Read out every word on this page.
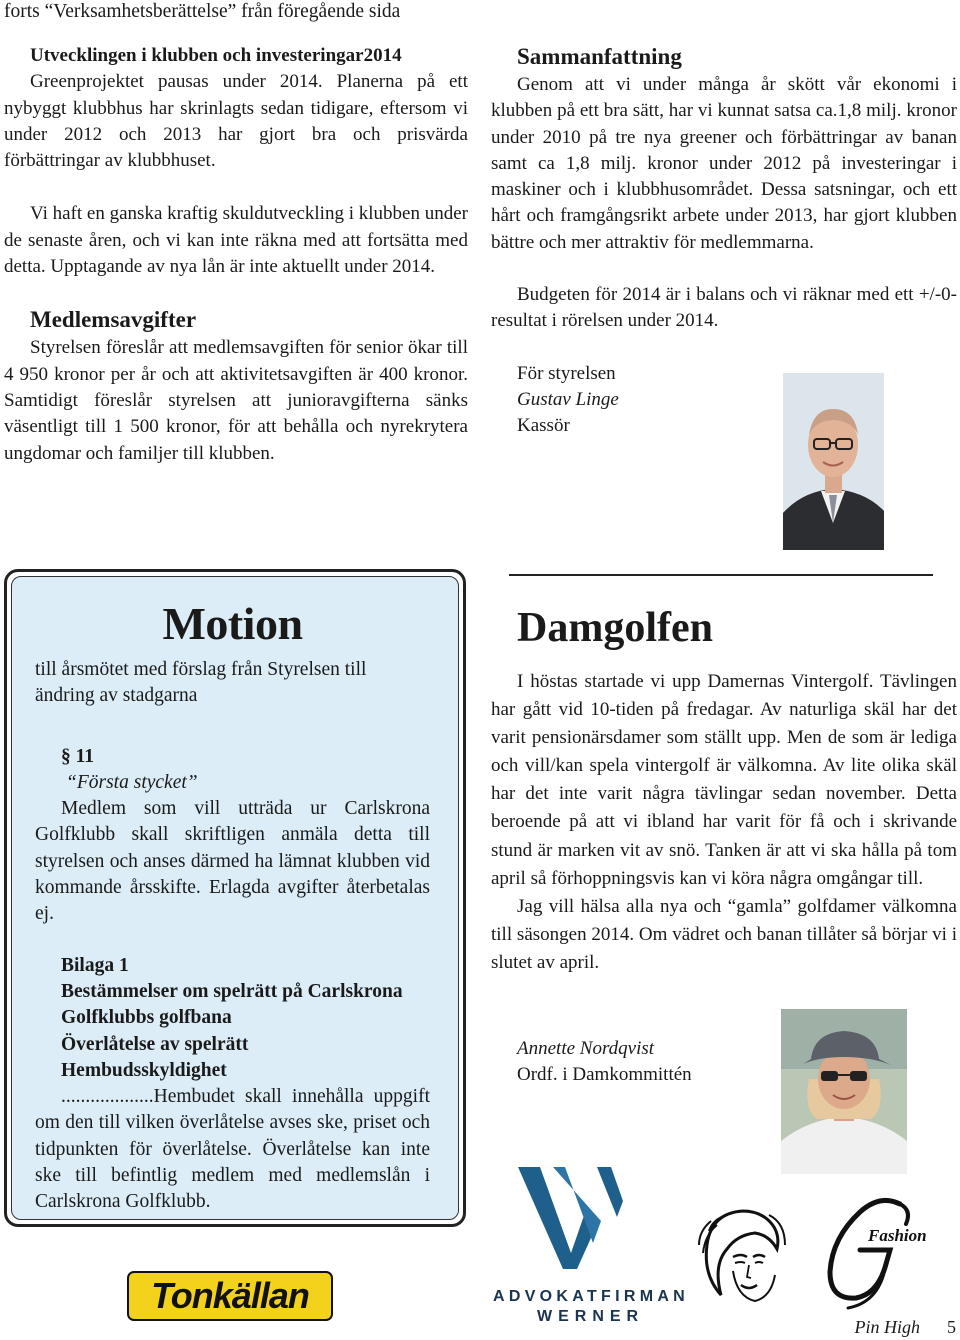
forts “Verksamhetsberättelse” från föregående sida

Utvecklingen i klubben och investeringar2014

Greenprojektet pausas under 2014. Planerna på ett nybyggt klubbhus har skrinlagts sedan tidigare, eftersom vi under 2012 och 2013 har gjort bra och prisvärda förbättringar av klubbhuset.

Vi haft en ganska kraftig skuldutveckling i klubben under de senaste åren, och vi kan inte räkna med att fortsätta med detta. Upptagande av nya lån är inte aktuellt under 2014.

Medlemsavgifter

Styrelsen föreslår att medlemsavgiften för senior ökar till 4 950 kronor per år och att aktivitetsavgiften är 400 kronor. Samtidigt föreslår styrelsen att junioravgifterna sänks väsentligt till 1 500 kronor, för att behålla och nyrekrytera ungdomar och familjer till klubben.

Sammanfattning

Genom att vi under många år skött vår ekonomi i klubben på ett bra sätt, har vi kunnat satsa ca.1,8 milj. kronor under 2010 på tre nya greener och förbättringar av banan samt ca 1,8 milj. kronor under 2012 på investeringar i maskiner och i klubbhusområdet. Dessa satsningar, och ett hårt och framgångsrikt arbete under 2013, har gjort klubben bättre och mer attraktiv för medlemmarna.

Budgeten för 2014 är i balans och vi räknar med ett +/-0-resultat i rörelsen under 2014.

För styrelsen

Gustav Linge

Kassör

Motion

till årsmötet med förslag från Styrelsen till ändring av stadgarna

§ 11

“Första stycket”

Medlem som vill utträda ur Carlskrona Golfklubb skall skriftligen anmäla detta till styrelsen och anses därmed ha lämnat klubben vid kommande årsskifte. Erlagda avgifter återbetalas ej.

Bilaga 1

Bestämmelser om spelrätt på Carlskrona Golfklubbs golfbana

Överlåtelse av spelrätt

Hembudsskyldighet

...................Hembudet skall innehålla uppgift om den till vilken överlåtelse avses ske, priset och tidpunkten för överlåtelse. Överlåtelse kan inte ske till befintlig medlem med medlemslån i Carlskrona Golfklubb.

Damgolfen

I höstas startade vi upp Damernas Vintergolf. Tävlingen har gått vid 10-tiden på fredagar. Av naturliga skäl har det varit pensionärsdamer som ställt upp. Men de som är lediga och vill/kan spela vintergolf är välkomna. Av lite olika skäl har det inte varit några tävlingar sedan november. Detta beroende på att vi ibland har varit för få och i skrivande stund är marken vit av snö. Tanken är att vi ska hålla på tom april så förhoppningsvis kan vi köra några omgångar till.

Jag vill hälsa alla nya och “gamla” golfdamer välkomna till säsongen 2014. Om vädret och banan tillåter så börjar vi i slutet av april.

Annette Nordqvist

Ordf. i Damkommittén

ADVOKATFIRMAN
WERNER
Fashion
Tonkällan
Pin High 5
